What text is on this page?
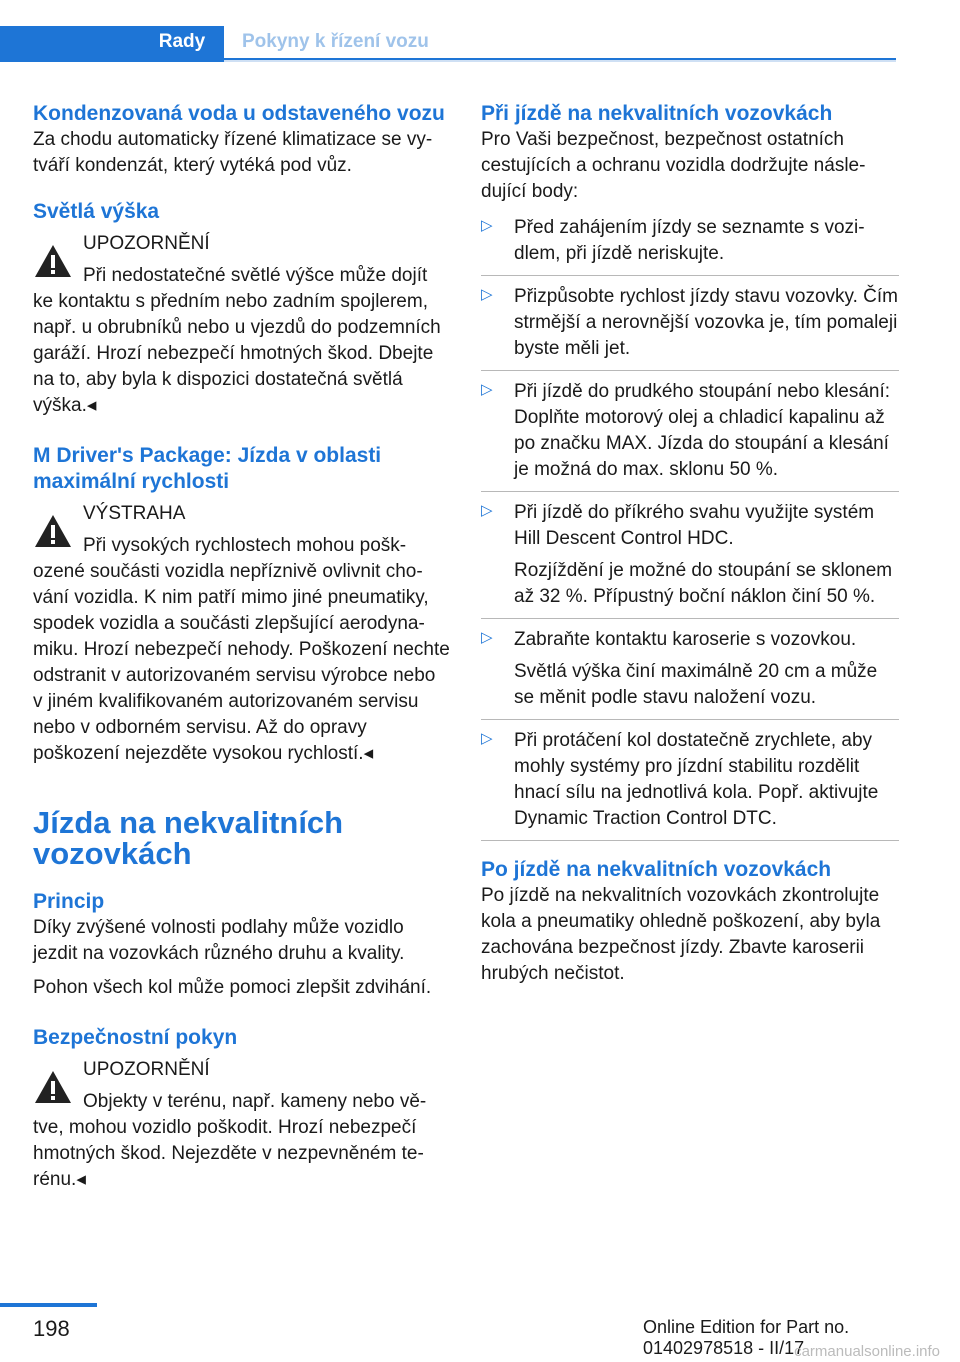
Rady	Pokyny k řízení vozu
Kondenzovaná voda u odstaveného vozu

Za chodu automaticky řízené klimatizace se vytváří kondenzát, který vytéká pod vůz.

Světlá výška

UPOZORNĚNÍ

Při nedostatečné světlé výšce může dojít ke kontaktu s předním nebo zadním spojlerem, např. u obrubníků nebo u vjezdů do podzemních garáží. Hrozí nebezpečí hmotných škod. Dbejte na to, aby byla k dispozici dostatečná světlá výška.◂

M Driver's Package: Jízda v oblasti maximální rychlosti

VÝSTRAHA

Při vysokých rychlostech mohou poškozené součásti vozidla nepříznivě ovlivnit chování vozidla. K nim patří mimo jiné pneumatiky, spodek vozidla a součásti zlepšující aerodynamiku. Hrozí nebezpečí nehody. Poškození nechte odstranit v autorizovaném servisu výrobce nebo v jiném kvalifikovaném autorizovaném servisu nebo v odborném servisu. Až do opravy poškození nejezděte vysokou rychlostí.◂

Jízda na nekvalitních vozovkách
Princip

Díky zvýšené volnosti podlahy může vozidlo jezdit na vozovkách různého druhu a kvality.

Pohon všech kol může pomoci zlepšit zdvihání.

Bezpečnostní pokyn

UPOZORNĚNÍ

Objekty v terénu, např. kameny nebo větve, mohou vozidlo poškodit. Hrozí nebezpečí hmotných škod. Nejezděte v nezpevněném terénu.◂

Při jízdě na nekvalitních vozovkách

Pro Vaši bezpečnost, bezpečnost ostatních cestujících a ochranu vozidla dodržujte následující body:

▷ Před zahájením jízdy se seznamte s vozidlem, při jízdě neriskujte.

▷ Přizpůsobte rychlost jízdy stavu vozovky. Čím strmější a nerovnější vozovka je, tím pomaleji byste měli jet.

▷ Při jízdě do prudkého stoupání nebo klesání: Doplňte motorový olej a chladicí kapalinu až po značku MAX. Jízda do stoupání a klesání je možná do max. sklonu 50 %.

▷ Při jízdě do příkrého svahu využijte systém Hill Descent Control HDC.

Rozjíždění je možné do stoupání se sklonem až 32 %. Přípustný boční náklon činí 50 %.

▷ Zabraňte kontaktu karoserie s vozovkou.

Světlá výška činí maximálně 20 cm a může se měnit podle stavu naložení vozu.

▷ Při protáčení kol dostatečně zrychlete, aby mohly systémy pro jízdní stabilitu rozdělit hnací sílu na jednotlivá kola. Popř. aktivujte Dynamic Traction Control DTC.

Po jízdě na nekvalitních vozovkách

Po jízdě na nekvalitních vozovkách zkontrolujte kola a pneumatiky ohledně poškození, aby byla zachována bezpečnost jízdy. Zbavte karoserii hrubých nečistot.

198	Online Edition for Part no. 01402978518 - II/17
carmanualsonline.info
